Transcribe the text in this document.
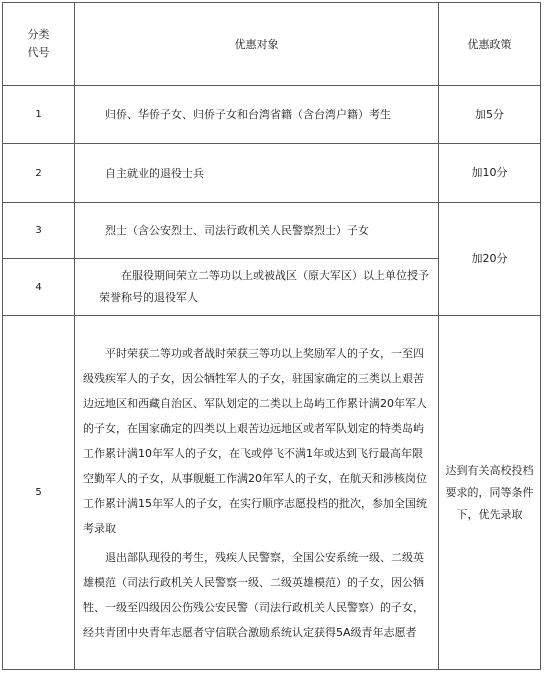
分类
代号	优惠对象	优惠政策
1	归侨、华侨子女、归侨子女和台湾省籍（含台湾户籍）考生	加5分
2	自主就业的退役士兵	加10分
3	烈士（含公安烈士、司法行政机关人民警察烈士）子女	加20分
4	在服役期间荣立二等功以上或被战区（原大军区）以上单位授予荣誉称号的退役军人	

5	平时荣获二等功或者战时荣获三等功以上奖励军人的子女，一至四级残疾军人的子女，因公牺牲军人的子女，驻国家确定的三类以上艰苦边远地区和西藏自治区、军队划定的二类以上岛屿工作累计满20年军人的子女，在国家确定的四类以上艰苦边远地区或者军队划定的特类岛屿工作累计满10年军人的子女，在飞或停飞不满1年或达到飞行最高年限空勤军人的子女，从事舰艇工作满20年军人的子女，在航天和涉核岗位工作累计满15年军人的子女，在实行顺序志愿投档的批次，参加全国统考录取

退出部队现役的考生，残疾人民警察，全国公安系统一级、二级英雄模范（司法行政机关人民警察一级、二级英雄模范）的子女，因公牺牲、一级至四级因公伤残公安民警（司法行政机关人民警察）的子女，经共青团中央青年志愿者守信联合激励系统认定获得5A级青年志愿者	达到有关高校投档要求的，同等条件下，优先录取
